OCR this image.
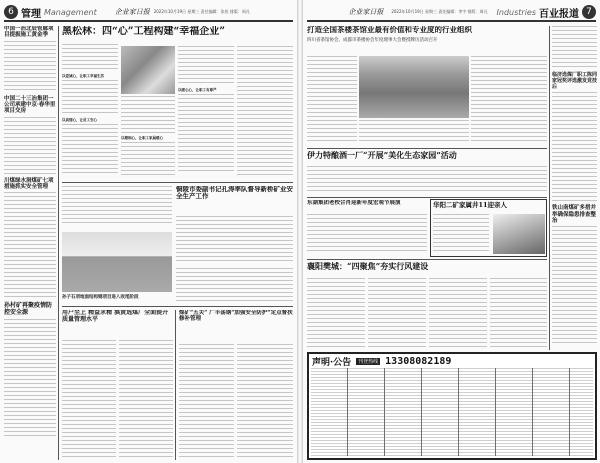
6 管理 Management	企业家日报 2022年10月19日 星期三 责任编辑：张恒 排版：周凡
中国一冶北辰管廊项目提振施工黄金季
中国二十三冶集团一公司承建中京·春华里项目交房
川煤绿水洞煤矿七项措施抓实安全管理
孙村矿再聚疫情防控安全源
黑松林：四“心”工程构建“幸福企业”
以爱诚心，让职工幸福生活
以真情心，让员工安心
以精细心，让职工家属暖心
以暖心心，让职工有尊严
铜陵市委副书记孔涛率队督导新桥矿业安全生产工作
孙子石项地面结构钢项目进入收尾阶段
用户至上 精益求精 滇黄选煤厂全面提升质量管理水平
煤矿“五关” 广丰荡钢“加强安全防护”定点督扶修补管理
企业家日报 2022年10月19日 星期三 责任编辑：李宇 排版：周凡 Industries 百业报道 7
打造全国茶楼茶馆业最有价值和专业度的行业组织
四川省茶馆协会、成都市茶楼协会年度理事大会暨授牌历活动召开
临济选煤厂职工陈同家冠奖评选激发竞技后
铁山南煤矿多措并举确保隐患排查整治
伊力特酿酒一厂“开展”美化生态家园”活动
东湖集团老校合肖迎新年度宏观节展演	华阳二矿家属井11迎亲人
襄阳樊城：“四聚焦”夯实行风建设
声明·公告	刊登热线 13308082189
